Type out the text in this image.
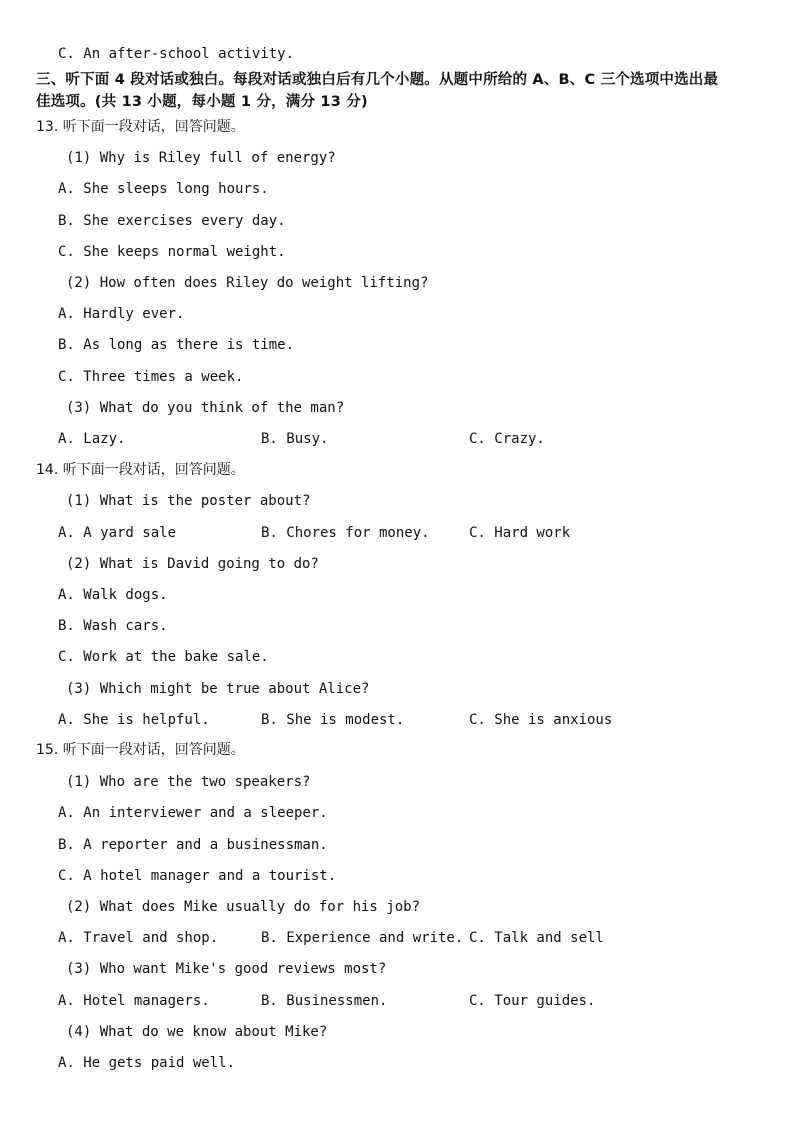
C. An after-school activity.
三、听下面 4 段对话或独白。每段对话或独白后有几个小题。从题中所给的 A、B、C 三个选项中选出最
佳选项。(共 13 小题，每小题 1 分，满分 13 分)
13. 听下面一段对话，回答问题。
(1) Why is Riley full of energy?
A. She sleeps long hours.
B. She exercises every day.
C. She keeps normal weight.
(2) How often does Riley do weight lifting?
A. Hardly ever.
B. As long as there is time.
C. Three times a week.
(3) What do you think of the man?
A. Lazy.	B. Busy.	C. Crazy.
14. 听下面一段对话，回答问题。
(1) What is the poster about?
A. A yard sale	B. Chores for money.	C. Hard work
(2) What is David going to do?
A. Walk dogs.
B. Wash cars.
C. Work at the bake sale.
(3) Which might be true about Alice?
A. She is helpful.	B. She is modest.	C. She is anxious
15. 听下面一段对话，回答问题。
(1) Who are the two speakers?
A. An interviewer and a sleeper.
B. A reporter and a businessman.
C. A hotel manager and a tourist.
(2) What does Mike usually do for his job?
A. Travel and shop.	B. Experience and write. C. Talk and sell
(3) Who want Mike's good reviews most?
A. Hotel managers.	B. Businessmen.	C. Tour guides.
(4) What do we know about Mike?
A. He gets paid well.
